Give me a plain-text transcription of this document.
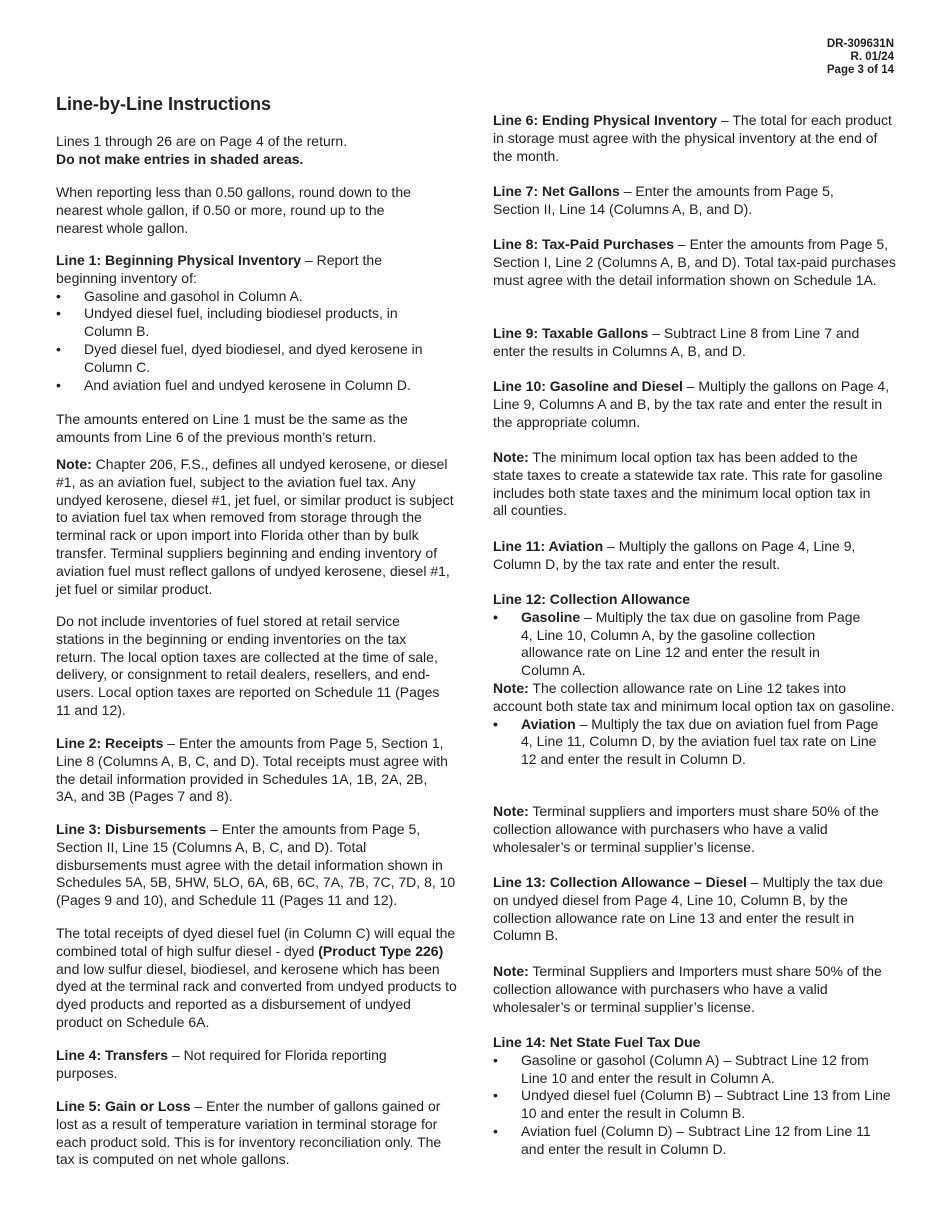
DR-309631N
R. 01/24
Page 3 of 14
Line-by-Line Instructions

Lines 1 through 26 are on Page 4 of the return.

Do not make entries in shaded areas.

When reporting less than 0.50 gallons, round down to the nearest whole gallon, if 0.50 or more, round up to the nearest whole gallon.

Line 1: Beginning Physical Inventory – Report the beginning inventory of:

• Gasoline and gasohol in Column A.
• Undyed diesel fuel, including biodiesel products, in Column B.
• Dyed diesel fuel, dyed biodiesel, and dyed kerosene in Column C.
• And aviation fuel and undyed kerosene in Column D.

The amounts entered on Line 1 must be the same as the amounts from Line 6 of the previous month’s return.

Note: Chapter 206, F.S., defines all undyed kerosene, or diesel #1, as an aviation fuel, subject to the aviation fuel tax. Any undyed kerosene, diesel #1, jet fuel, or similar product is subject to aviation fuel tax when removed from storage through the terminal rack or upon import into Florida other than by bulk transfer. Terminal suppliers beginning and ending inventory of aviation fuel must reflect gallons of undyed kerosene, diesel #1, jet fuel or similar product.

Do not include inventories of fuel stored at retail service stations in the beginning or ending inventories on the tax return. The local option taxes are collected at the time of sale, delivery, or consignment to retail dealers, resellers, and end-users. Local option taxes are reported on Schedule 11 (Pages 11 and 12).

Line 2: Receipts – Enter the amounts from Page 5, Section 1, Line 8 (Columns A, B, C, and D). Total receipts must agree with the detail information provided in Schedules 1A, 1B, 2A, 2B, 3A, and 3B (Pages 7 and 8).

Line 3: Disbursements – Enter the amounts from Page 5, Section II, Line 15 (Columns A, B, C, and D). Total disbursements must agree with the detail information shown in Schedules 5A, 5B, 5HW, 5LO, 6A, 6B, 6C, 7A, 7B, 7C, 7D, 8, 10 (Pages 9 and 10), and Schedule 11 (Pages 11 and 12).

The total receipts of dyed diesel fuel (in Column C) will equal the combined total of high sulfur diesel - dyed (Product Type 226) and low sulfur diesel, biodiesel, and kerosene which has been dyed at the terminal rack and converted from undyed products to dyed products and reported as a disbursement of undyed product on Schedule 6A.

Line 4: Transfers – Not required for Florida reporting purposes.

Line 5: Gain or Loss – Enter the number of gallons gained or lost as a result of temperature variation in terminal storage for each product sold. This is for inventory reconciliation only. The tax is computed on net whole gallons.

Line 6: Ending Physical Inventory – The total for each product in storage must agree with the physical inventory at the end of the month.

Line 7: Net Gallons – Enter the amounts from Page 5, Section II, Line 14 (Columns A, B, and D).

Line 8: Tax-Paid Purchases – Enter the amounts from Page 5, Section I, Line 2 (Columns A, B, and D). Total tax-paid purchases must agree with the detail information shown on Schedule 1A.

Line 9: Taxable Gallons – Subtract Line 8 from Line 7 and enter the results in Columns A, B, and D.

Line 10: Gasoline and Diesel – Multiply the gallons on Page 4, Line 9, Columns A and B, by the tax rate and enter the result in the appropriate column.

Note: The minimum local option tax has been added to the state taxes to create a statewide tax rate. This rate for gasoline includes both state taxes and the minimum local option tax in all counties.

Line 11: Aviation – Multiply the gallons on Page 4, Line 9, Column D, by the tax rate and enter the result.

Line 12: Collection Allowance

• Gasoline – Multiply the tax due on gasoline from Page 4, Line 10, Column A, by the gasoline collection allowance rate on Line 12 and enter the result in Column A.

Note: The collection allowance rate on Line 12 takes into account both state tax and minimum local option tax on gasoline.

• Aviation – Multiply the tax due on aviation fuel from Page 4, Line 11, Column D, by the aviation fuel tax rate on Line 12 and enter the result in Column D.

Note: Terminal suppliers and importers must share 50% of the collection allowance with purchasers who have a valid wholesaler’s or terminal supplier’s license.

Line 13: Collection Allowance – Diesel – Multiply the tax due on undyed diesel from Page 4, Line 10, Column B, by the collection allowance rate on Line 13 and enter the result in Column B.

Note: Terminal Suppliers and Importers must share 50% of the collection allowance with purchasers who have a valid wholesaler’s or terminal supplier’s license.

Line 14: Net State Fuel Tax Due

• Gasoline or gasohol (Column A) – Subtract Line 12 from Line 10 and enter the result in Column A.
• Undyed diesel fuel (Column B) – Subtract Line 13 from Line 10 and enter the result in Column B.
• Aviation fuel (Column D) – Subtract Line 12 from Line 11 and enter the result in Column D.
